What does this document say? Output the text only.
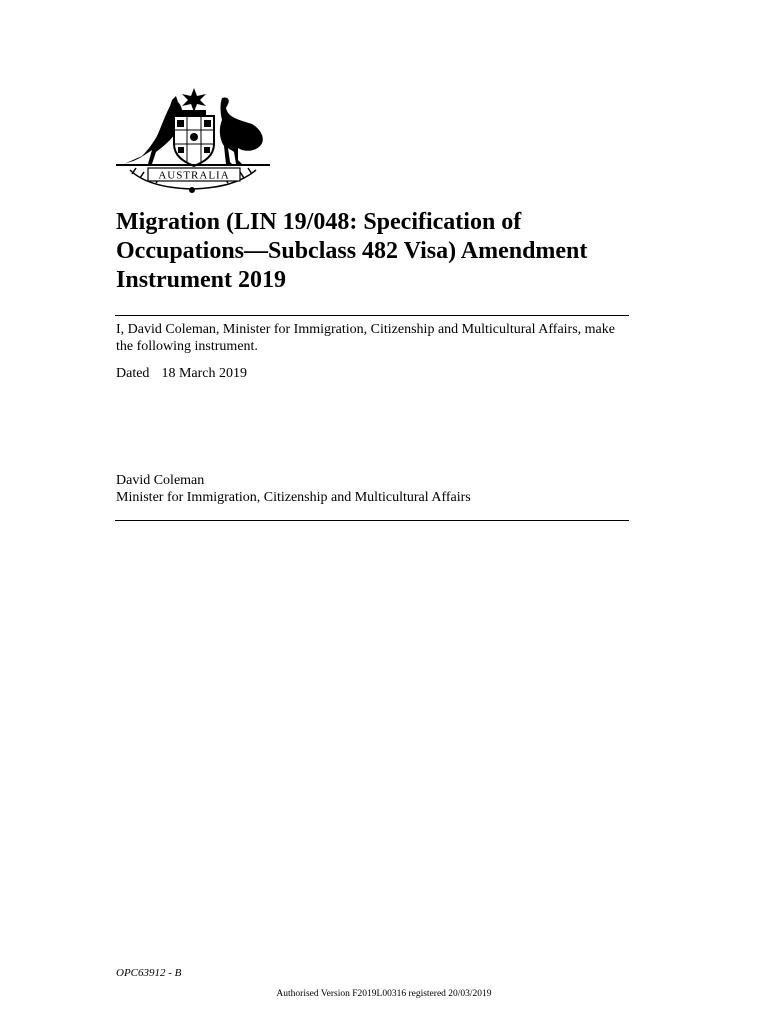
AUSTRALIA
Migration (LIN 19/048: Specification of Occupations—Subclass 482 Visa) Amendment Instrument 2019

I, David Coleman, Minister for Immigration, Citizenship and Multicultural Affairs, make the following instrument.

Dated 18 March 2019

David Coleman
Minister for Immigration, Citizenship and Multicultural Affairs
OPC63912 - B
Authorised Version F2019L00316 registered 20/03/2019
